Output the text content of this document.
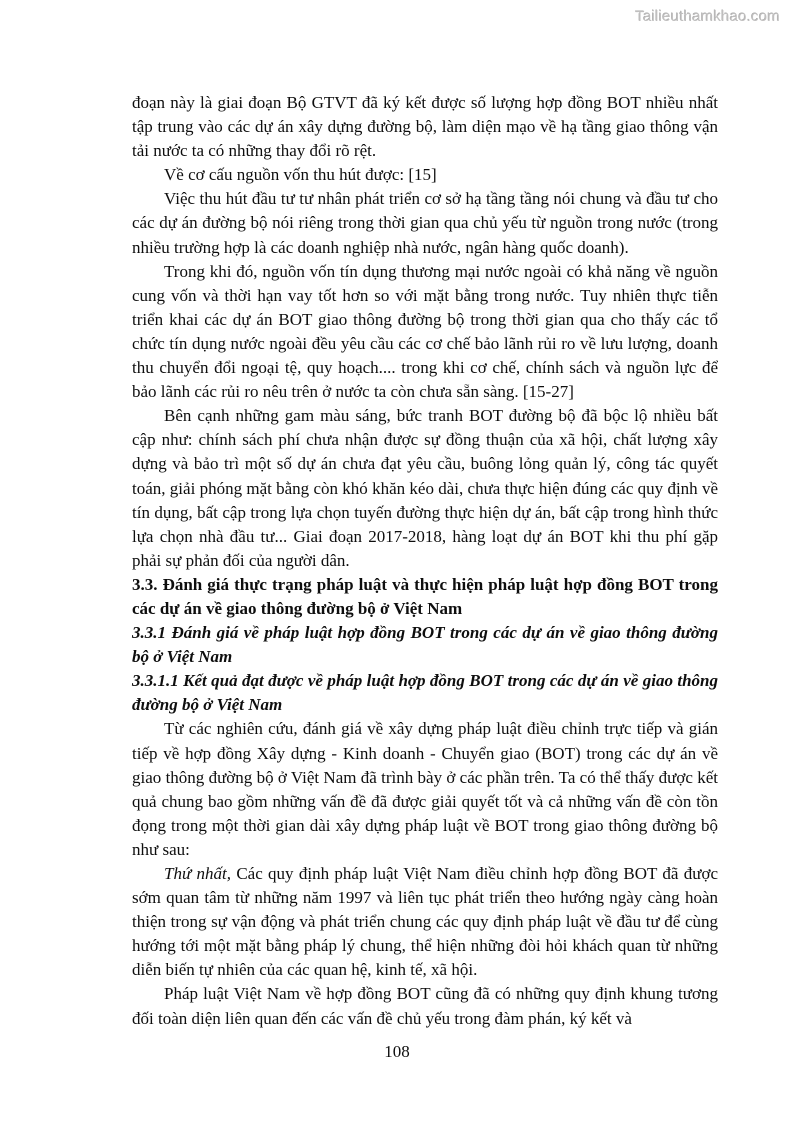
Tailieuthamkhao.com

đoạn này là giai đoạn Bộ GTVT đã ký kết được số lượng hợp đồng BOT nhiều nhất tập trung vào các dự án xây dựng đường bộ, làm diện mạo về hạ tầng giao thông vận tải nước ta có những thay đổi rõ rệt.

Về cơ cấu nguồn vốn thu hút được: [15]

Việc thu hút đầu tư tư nhân phát triển cơ sở hạ tầng tầng nói chung và đầu tư cho các dự án đường bộ nói riêng trong thời gian qua chủ yếu từ nguồn trong nước (trong nhiều trường hợp là các doanh nghiệp nhà nước, ngân hàng quốc doanh).

Trong khi đó, nguồn vốn tín dụng thương mại nước ngoài có khả năng về nguồn cung vốn và thời hạn vay tốt hơn so với mặt bằng trong nước. Tuy nhiên thực tiễn triển khai các dự án BOT giao thông đường bộ trong thời gian qua cho thấy các tổ chức tín dụng nước ngoài đều yêu cầu các cơ chế bảo lãnh rủi ro về lưu lượng, doanh thu chuyển đổi ngoại tệ, quy hoạch.... trong khi cơ chế, chính sách và nguồn lực để bảo lãnh các rủi ro nêu trên ở nước ta còn chưa sẵn sàng. [15-27]

Bên cạnh những gam màu sáng, bức tranh BOT đường bộ đã bộc lộ nhiều bất cập như: chính sách phí chưa nhận được sự đồng thuận của xã hội, chất lượng xây dựng và bảo trì một số dự án chưa đạt yêu cầu, buông lỏng quản lý, công tác quyết toán, giải phóng mặt bằng còn khó khăn kéo dài, chưa thực hiện đúng các quy định về tín dụng, bất cập trong lựa chọn tuyến đường thực hiện dự án, bất cập trong hình thức lựa chọn nhà đầu tư... Giai đoạn 2017-2018, hàng loạt dự án BOT khi thu phí gặp phải sự phản đối của người dân.

3.3. Đánh giá thực trạng pháp luật và thực hiện pháp luật hợp đồng BOT trong các dự án về giao thông đường bộ ở Việt Nam
3.3.1 Đánh giá về pháp luật hợp đồng BOT trong các dự án về giao thông đường bộ ở Việt Nam
3.3.1.1 Kết quả đạt được về pháp luật hợp đồng BOT trong các dự án về giao thông đường bộ ở Việt Nam

Từ các nghiên cứu, đánh giá về xây dựng pháp luật điều chỉnh trực tiếp và gián tiếp về hợp đồng Xây dựng - Kinh doanh - Chuyển giao (BOT) trong các dự án về giao thông đường bộ ở Việt Nam đã trình bày ở các phần trên. Ta có thể thấy được kết quả chung bao gồm những vấn đề đã được giải quyết tốt và cả những vấn đề còn tồn đọng trong một thời gian dài xây dựng pháp luật về BOT trong giao thông đường bộ như sau:

Thứ nhất, Các quy định pháp luật Việt Nam điều chỉnh hợp đồng BOT đã được sớm quan tâm từ những năm 1997 và liên tục phát triển theo hướng ngày càng hoàn thiện trong sự vận động và phát triển chung các quy định pháp luật về đầu tư để cùng hướng tới một mặt bằng pháp lý chung, thể hiện những đòi hỏi khách quan từ những diễn biến tự nhiên của các quan hệ, kinh tế, xã hội.

Pháp luật Việt Nam về hợp đồng BOT cũng đã có những quy định khung tương đối toàn diện liên quan đến các vấn đề chủ yếu trong đàm phán, ký kết và

108
